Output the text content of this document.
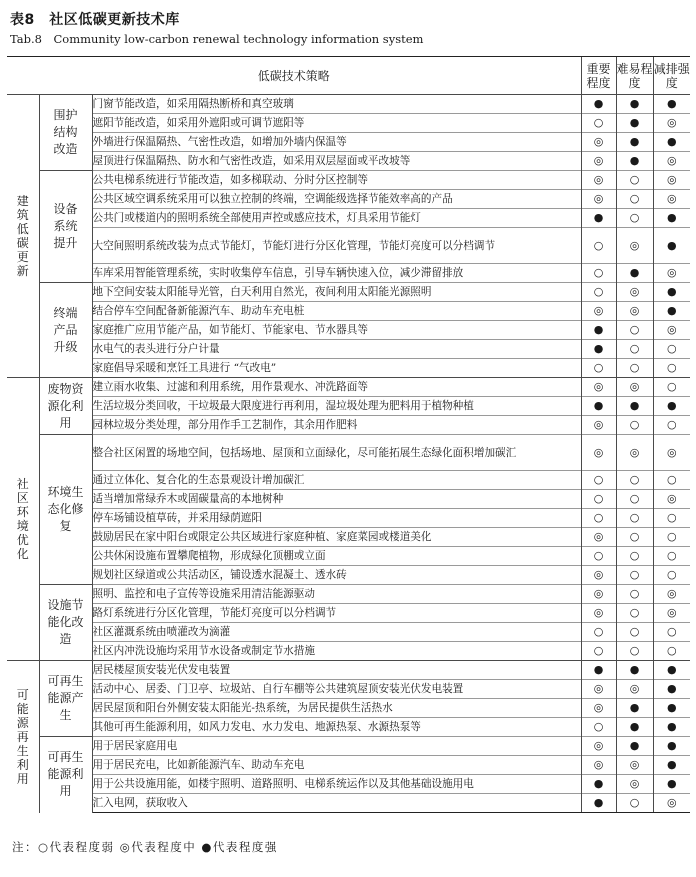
表8　社区低碳更新技术库
Tab.8　Community low-carbon renewal technology information system
低碳技术策略			重要程度	难易程度	减排强度
建筑低碳更新	围护结构改造	门窗节能改造，如采用隔热断桥和真空玻璃	●	●	●
		遮阳节能改造，如采用外遮阳或可调节遮阳等	○	●	◎
		外墙进行保温隔热、气密性改造，如增加外墙内保温等	◎	●	●
		屋顶进行保温隔热、防水和气密性改造，如采用双层屋面或平改坡等	◎	●	◎
	设备系统提升	公共电梯系统进行节能改造，如多梯联动、分时分区控制等	◎	○	◎
		公共区域空调系统采用可以独立控制的终端，空调能级选择节能效率高的产品	◎	○	◎
		公共门或楼道内的照明系统全部使用声控或感应技术，灯具采用节能灯	●	○	●
		大空间照明系统改装为点式节能灯，节能灯进行分区化管理，节能灯亮度可以分档调节	○	◎	●
		车库采用智能管理系统，实时收集停车信息，引导车辆快速入位，减少滞留排放	○	●	◎
	终端产品升级	地下空间安装太阳能导光管，白天利用自然光，夜间利用太阳能光源照明	○	◎	●
		结合停车空间配备新能源汽车、助动车充电桩	◎	◎	●
		家庭推广应用节能产品，如节能灯、节能家电、节水器具等	●	○	◎
		水电气的表头进行分户计量	●	○	○
		家庭倡导采暖和烹饪工具进行 “气改电”	○	○	○
社区环境优化	废物资源化利用	建立雨水收集、过滤和利用系统，用作景观水、冲洗路面等	◎	◎	○
		生活垃圾分类回收，干垃圾最大限度进行再利用，湿垃圾处理为肥料用于植物种植	●	●	●
		园林垃圾分类处理，部分用作手工艺制作，其余用作肥料	◎	○	○
	环境生态化修复	整合社区闲置的场地空间，包括场地、屋顶和立面绿化，尽可能拓展生态绿化面积增加碳汇	◎	◎	◎
		通过立体化、复合化的生态景观设计增加碳汇	○	○	○
		适当增加常绿乔木或固碳量高的本地树种	○	○	◎
		停车场铺设植草砖，并采用绿荫遮阳	○	○	○
		鼓励居民在家中阳台或限定公共区域进行家庭种植、家庭菜园或楼道美化	◎	○	○
		公共休闲设施布置攀爬植物，形成绿化顶棚或立面	○	○	○
		规划社区绿道或公共活动区，铺设透水混凝土、透水砖	◎	○	○
	设施节能化改造	照明、监控和电子宣传等设施采用清洁能源驱动	◎	○	◎
		路灯系统进行分区化管理，节能灯亮度可以分档调节	◎	○	◎
		社区灌溉系统由喷灌改为滴灌	○	○	○
		社区内冲洗设施均采用节水设备或制定节水措施	○	○	○
可能源再生利用	可再生能源产生	居民楼屋顶安装光伏发电装置	●	●	●
		活动中心、居委、门卫亭、垃圾站、自行车棚等公共建筑屋顶安装光伏发电装置	◎	◎	●
		居民屋顶和阳台外侧安装太阳能光-热系统，为居民提供生活热水	◎	●	●
		其他可再生能源利用，如风力发电、水力发电、地源热泵、水源热泵等	○	●	●
	可再生能源利用	用于居民家庭用电	◎	●	●
		用于居民充电，比如新能源汽车、助动车充电	◎	◎	●
		用于公共设施用能，如楼宇照明、道路照明、电梯系统运作以及其他基础设施用电	●	◎	●
		汇入电网，获取收入	●	○	◎
注：○代表程度弱 ◎代表程度中 ●代表程度强
